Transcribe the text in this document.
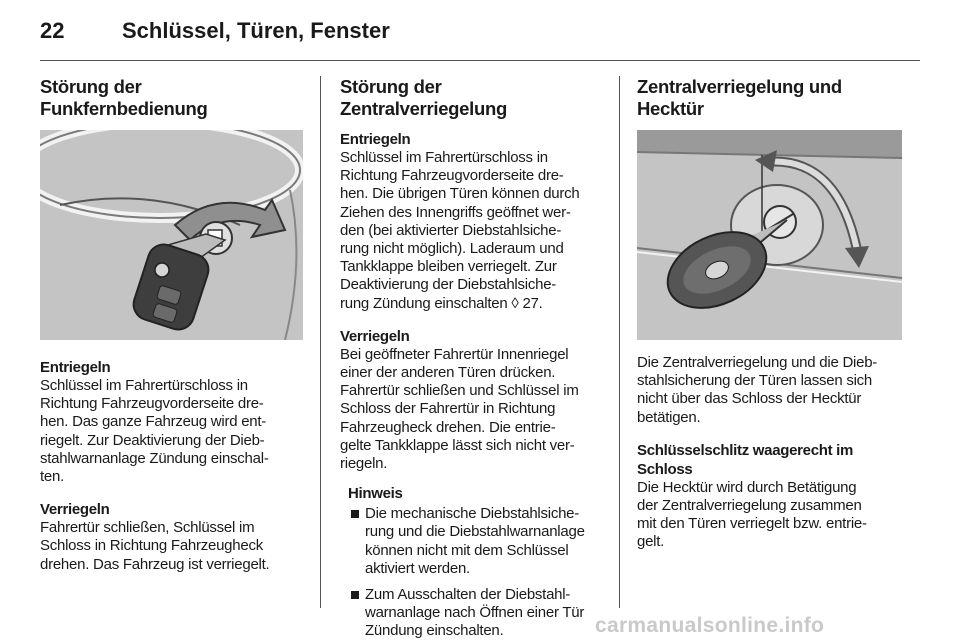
22	Schlüssel, Türen, Fenster
Störung der Funkfernbedienung
Entriegeln

Schlüssel im Fahrertürschloss in
Richtung Fahrzeugvorderseite dre-
hen. Das ganze Fahrzeug wird ent-
riegelt. Zur Deaktivierung der Dieb-
stahlwarnanlage Zündung einschal-
ten.

Verriegeln

Fahrertür schließen, Schlüssel im
Schloss in Richtung Fahrzeugheck
drehen. Das Fahrzeug ist verriegelt.

Störung der Zentralverriegelung
Entriegeln

Schlüssel im Fahrertürschloss in
Richtung Fahrzeugvorderseite dre-
hen. Die übrigen Türen können durch
Ziehen des Innengriffs geöffnet wer-
den (bei aktivierter Diebstahlsiche-
rung nicht möglich). Laderaum und
Tankklappe bleiben verriegelt. Zur
Deaktivierung der Diebstahlsiche-
rung Zündung einschalten ◊ 27.

Verriegeln

Bei geöffneter Fahrertür Innenriegel
einer der anderen Türen drücken.
Fahrertür schließen und Schlüssel im
Schloss der Fahrertür in Richtung
Fahrzeugheck drehen. Die entrie-
gelte Tankklappe lässt sich nicht ver-
riegeln.

Hinweis

Die mechanische Diebstahlsiche-
rung und die Diebstahlwarnanlage
können nicht mit dem Schlüssel
aktiviert werden.

Zum Ausschalten der Diebstahl-
warnanlage nach Öffnen einer Tür
Zündung einschalten.

Zentralverriegelung und
Hecktür

Die Zentralverriegelung und die Dieb-
stahlsicherung der Türen lassen sich
nicht über das Schloss der Hecktür
betätigen.

Schlüsselschlitz waagerecht im
Schloss

Die Hecktür wird durch Betätigung
der Zentralverriegelung zusammen
mit den Türen verriegelt bzw. entrie-
gelt.

carmanualsonline.info
